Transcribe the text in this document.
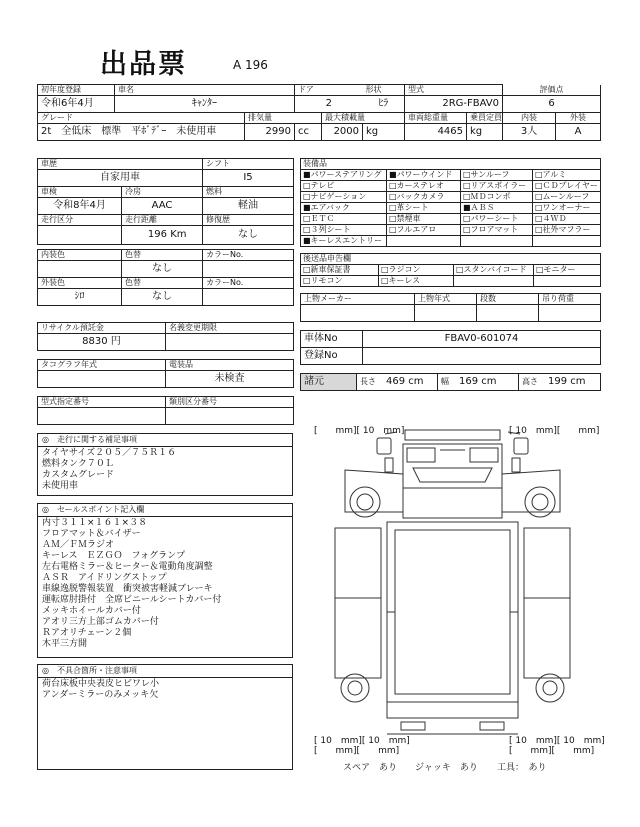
出品票	A 196
初年度登録	車名		ドア		形状	型式		評価点		
令和6年4月	ｷｬﾝﾀｰ		2		ﾋﾗ	2RG-FBAV0		6		
グレード		排気量		最大積載量		車両総重量	乗員定員	内装	外装	
2t　全低床　標準　平ﾎﾞﾃﾞｰ　未使用車		2990	cc	2000	kg	4465	kg	3人	A	
車歴		シフト
自家用車		I5
車検	冷房	燃料
令和8年4月	AAC	軽油
走行区分	走行距離	修復歴
	196 Km	なし

内装色	色替	カラーNo.
	なし	
外装色	色替	カラーNo.
ｼﾛ	なし	
リサイクル預託金	名義変更期限
8830 円	
タコグラフ年式	電装品
	未検査
型式指定番号	類別区分番号

装備品			
■パワーステアリング	■パワーウインド	□サンルーフ	□アルミ
□テレビ	□カーステレオ	□リアスポイラー	□ＣＤプレイヤー
□ナビゲーション	□バックカメラ	□ＭＤコンポ	□ムーンルーフ
■エアバック	□革シート	■ＡＢＳ	□ワンオーナー
□ＥＴＣ	□禁煙車	□パワーシート	□４ＷＤ
□３列シート	□フルエアロ	□フロアマット	□社外マフラー
■キーレスエントリー			
後送品申告欄			
□新車保証書	□ラジコン	□スタンバイコード	□モニター
□リモコン	□キーレス		
上物メーカー	上物年式	段数	吊り荷重

車体No	FBAV0-601074
登録No	
諸元	長さ　 469 cm	幅　 169 cm	高さ　 199 cm
◎　走行に関する補足事項
タイヤサイズ２０５／７５Ｒ１６
燃料タンク７０Ｌ
カスタムグレード
未使用車
◎　セールスポイント記入欄
内寸３１１×１６１×３８
フロアマット＆バイザー
ＡＭ／ＦＭラジオ
キーレス　ＥＺＧＯ　フォグランプ
左右電格ミラー＆ヒーター＆電動角度調整
ＡＳＲ　アイドリングストップ
車線逸脱警報装置　衝突被害軽減ブレーキ
運転席肘掛付　全席ビニールシートカバー付
メッキホイールカバー付
アオリ三方上部ゴムカバー付
Ｒアオリチェーン２個
木平三方開
◎　不具合箇所・注意事項
荷台床板中央表皮ヒビワレ小
アンダーミラーのみメッキ欠
[　　mm][ 10　mm]	[ 10　mm][　　mm]
[ 10　mm][ 10　mm]
[　　mm][　　mm]
[ 10　mm][ 10　mm]
[　　mm][　　mm]
スペア　 あり ジャッキ　 あり 工具：　 あり
